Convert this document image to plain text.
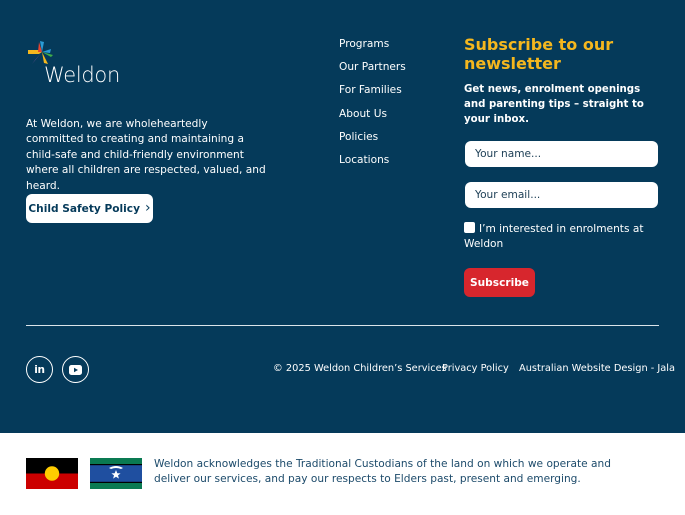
Weldon

At Weldon, we are wholeheartedly committed to creating and maintaining a child-safe and child-friendly environment where all children are respected, valued, and heard.

Child Safety Policy ›
Programs
Our Partners
For Families
About Us
Policies
Locations
Subscribe to our newsletter

Get news, enrolment openings and parenting tips – straight to your inbox.

Your name...
Your email...
I’m interested in enrolments at Weldon
Subscribe
in	© 2025 Weldon Children’s Services
Privacy Policy Australian Website Design - Jala

Weldon acknowledges the Traditional Custodians of the land on which we operate and deliver our services, and pay our respects to Elders past, present and emerging.
